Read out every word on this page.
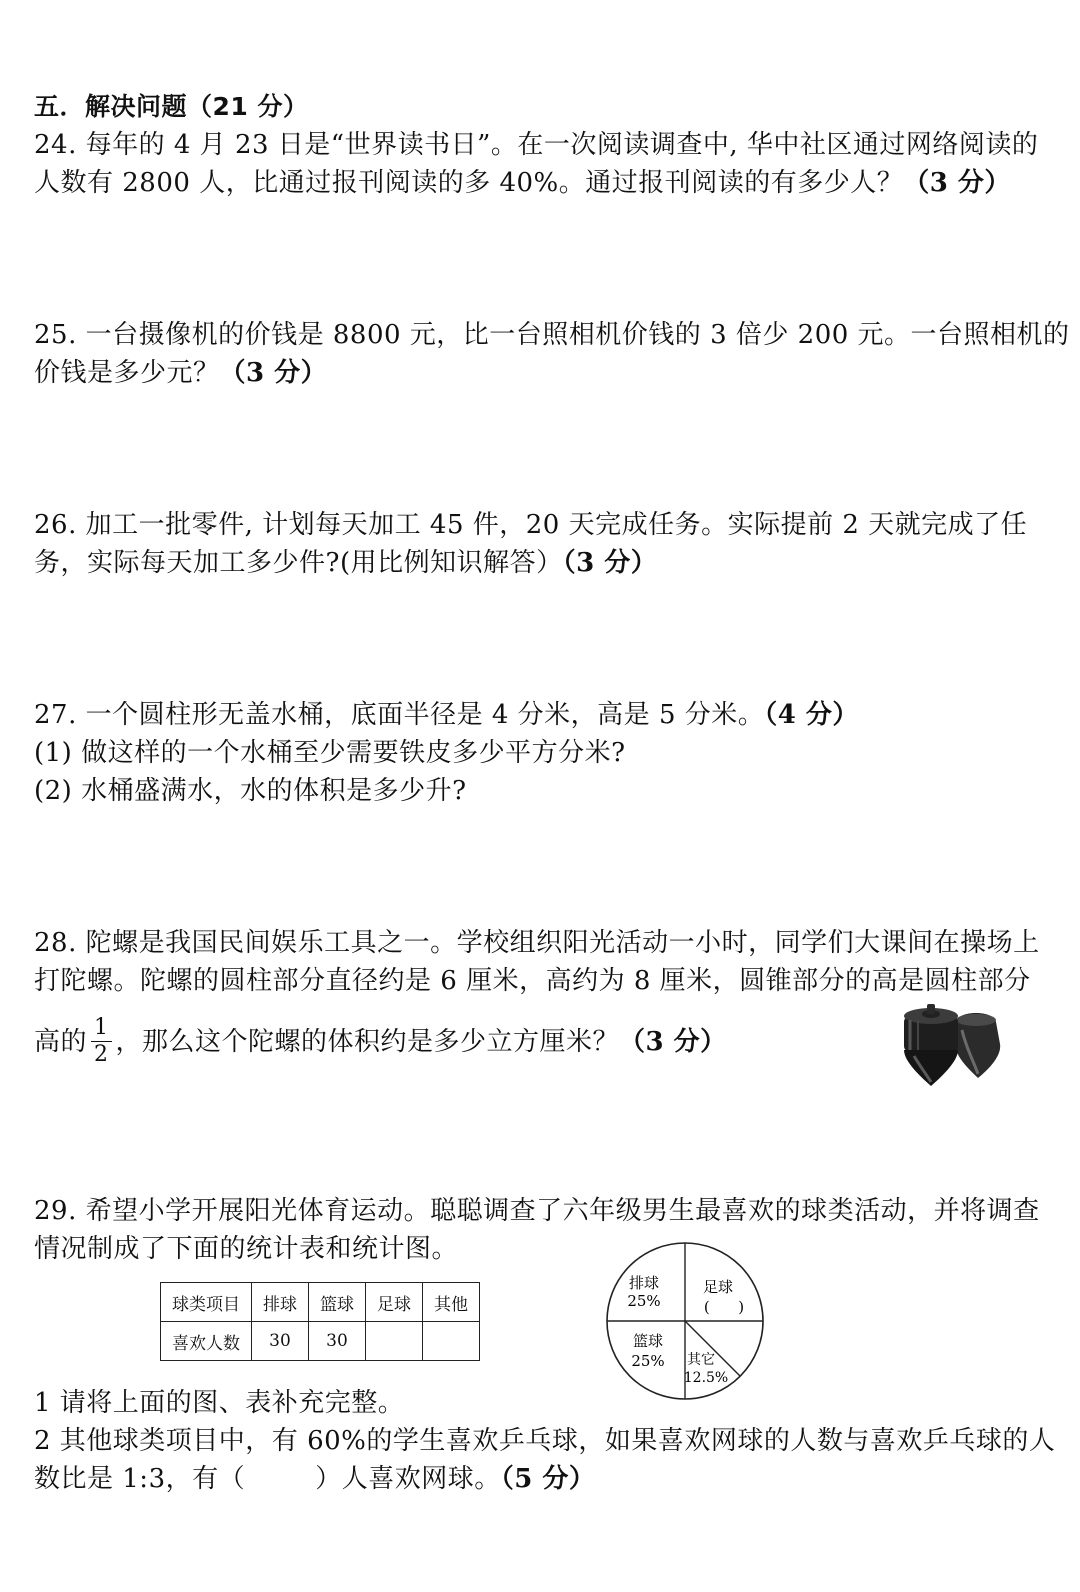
五．解决问题（21 分）
24. 每年的 4 月 23 日是“世界读书日”。在一次阅读调查中, 华中社区通过网络阅读的
人数有 2800 人，比通过报刊阅读的多 40%。通过报刊阅读的有多少人？（3 分）
25. 一台摄像机的价钱是 8800 元，比一台照相机价钱的 3 倍少 200 元。一台照相机的
价钱是多少元？（3 分）
26. 加工一批零件, 计划每天加工 45 件，20 天完成任务。实际提前 2 天就完成了任
务，实际每天加工多少件?(用比例知识解答）（3 分）
27. 一个圆柱形无盖水桶，底面半径是 4 分米，高是 5 分米。（4 分）
(1) 做这样的一个水桶至少需要铁皮多少平方分米?
(2) 水桶盛满水，水的体积是多少升?
28. 陀螺是我国民间娱乐工具之一。学校组织阳光活动一小时，同学们大课间在操场上
打陀螺。陀螺的圆柱部分直径约是 6 厘米，高约为 8 厘米，圆锥部分的高是圆柱部分
高的 $\frac{1}{2}$ ，那么这个陀螺的体积约是多少立方厘米？（3 分）
29. 希望小学开展阳光体育运动。聪聪调查了六年级男生最喜欢的球类活动，并将调查
情况制成了下面的统计表和统计图。
球类项目	排球	篮球	足球	其他
喜欢人数	30	30		
排球
25%
足球
(      )
篮球
25% 其它
12.5%
1 请将上面的图、表补充完整。
2 其他球类项目中，有 60%的学生喜欢乒乓球，如果喜欢网球的人数与喜欢乒乓球的人
数比是 1:3，有（        ）人喜欢网球。（5 分）
